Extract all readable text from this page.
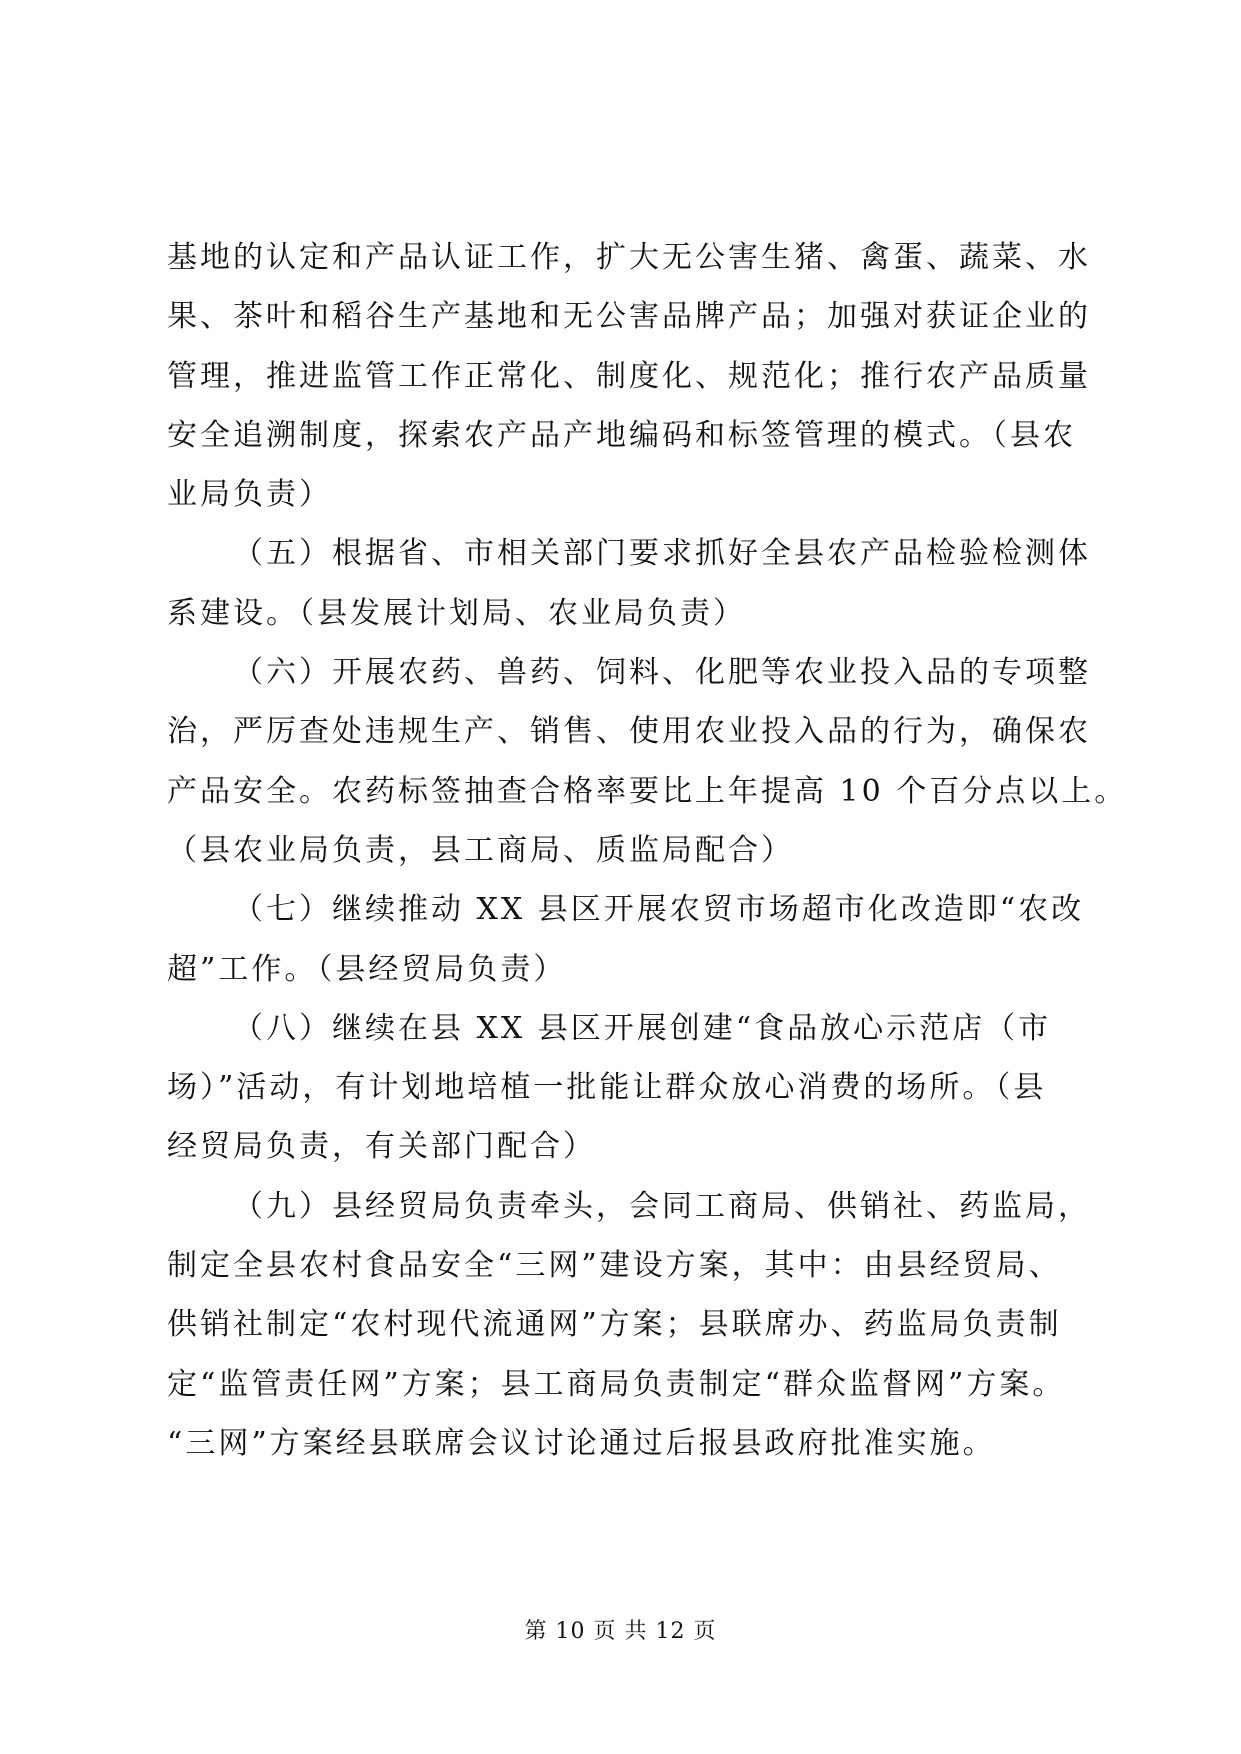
基地的认定和产品认证工作，扩大无公害生猪、禽蛋、蔬菜、水
果、茶叶和稻谷生产基地和无公害品牌产品；加强对获证企业的
管理，推进监管工作正常化、制度化、规范化；推行农产品质量
安全追溯制度，探索农产品产地编码和标签管理的模式。（县农
业局负责）
（五）根据省、市相关部门要求抓好全县农产品检验检测体
系建设。（县发展计划局、农业局负责）
（六）开展农药、兽药、饲料、化肥等农业投入品的专项整
治，严厉查处违规生产、销售、使用农业投入品的行为，确保农
产品安全。农药标签抽查合格率要比上年提高 10 个百分点以上。
（县农业局负责，县工商局、质监局配合）
（七）继续推动 XX 县区开展农贸市场超市化改造即“农改
超”工作。（县经贸局负责）
（八）继续在县 XX 县区开展创建“食品放心示范店（市
场）”活动，有计划地培植一批能让群众放心消费的场所。（县
经贸局负责，有关部门配合）
（九）县经贸局负责牵头，会同工商局、供销社、药监局，
制定全县农村食品安全“三网”建设方案，其中：由县经贸局、
供销社制定“农村现代流通网”方案；县联席办、药监局负责制
定“监管责任网”方案；县工商局负责制定“群众监督网”方案。
“三网”方案经县联席会议讨论通过后报县政府批准实施。
第 10 页 共 12 页
